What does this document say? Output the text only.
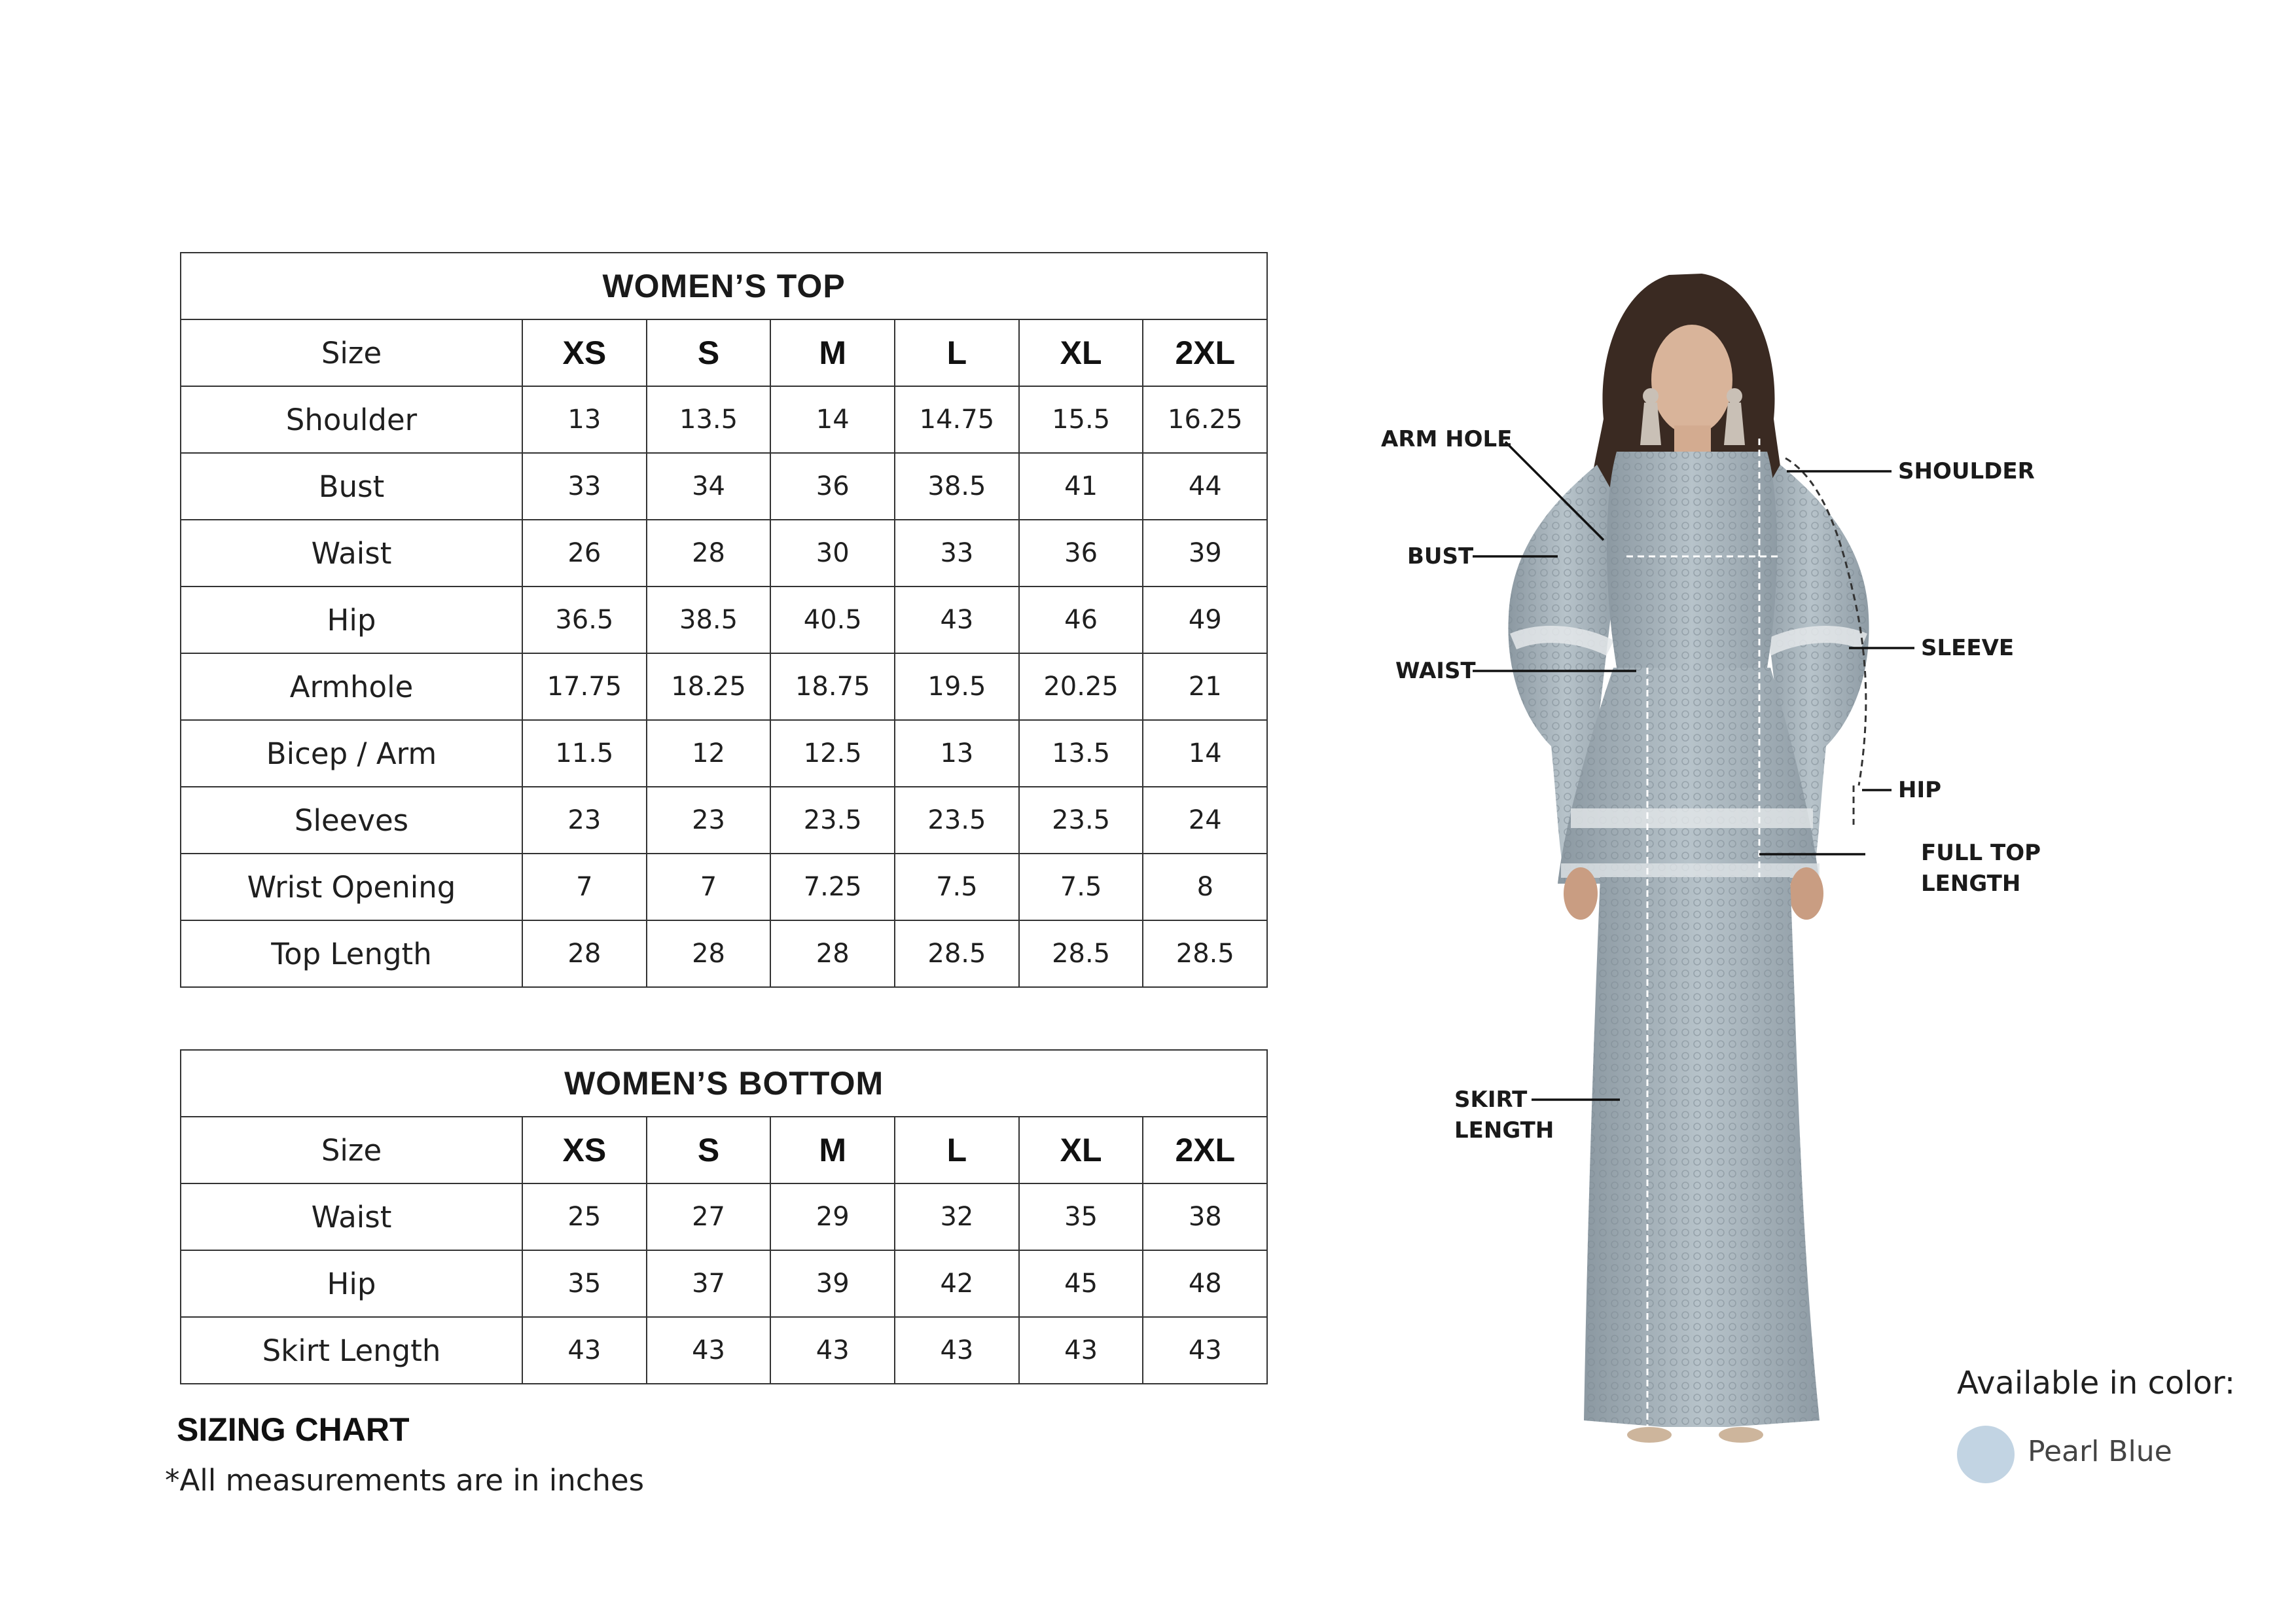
WOMEN’S TOP						
Size	XS	S	M	L	XL	2XL
Shoulder	13	13.5	14	14.75	15.5	16.25
Bust	33	34	36	38.5	41	44
Waist	26	28	30	33	36	39
Hip	36.5	38.5	40.5	43	46	49
Armhole	17.75	18.25	18.75	19.5	20.25	21
Bicep / Arm	11.5	12	12.5	13	13.5	14
Sleeves	23	23	23.5	23.5	23.5	24
Wrist Opening	7	7	7.25	7.5	7.5	8
Top Length	28	28	28	28.5	28.5	28.5
WOMEN’S BOTTOM						
Size	XS	S	M	L	XL	2XL
Waist	25	27	29	32	35	38
Hip	35	37	39	42	45	48
Skirt Length	43	43	43	43	43	43
SIZING CHART
*All measurements are in inches
ARM HOLE
BUST
WAIST
SKIRT
LENGTH
SHOULDER
SLEEVE
HIP
FULL TOP
LENGTH
Available in color:
Pearl Blue
